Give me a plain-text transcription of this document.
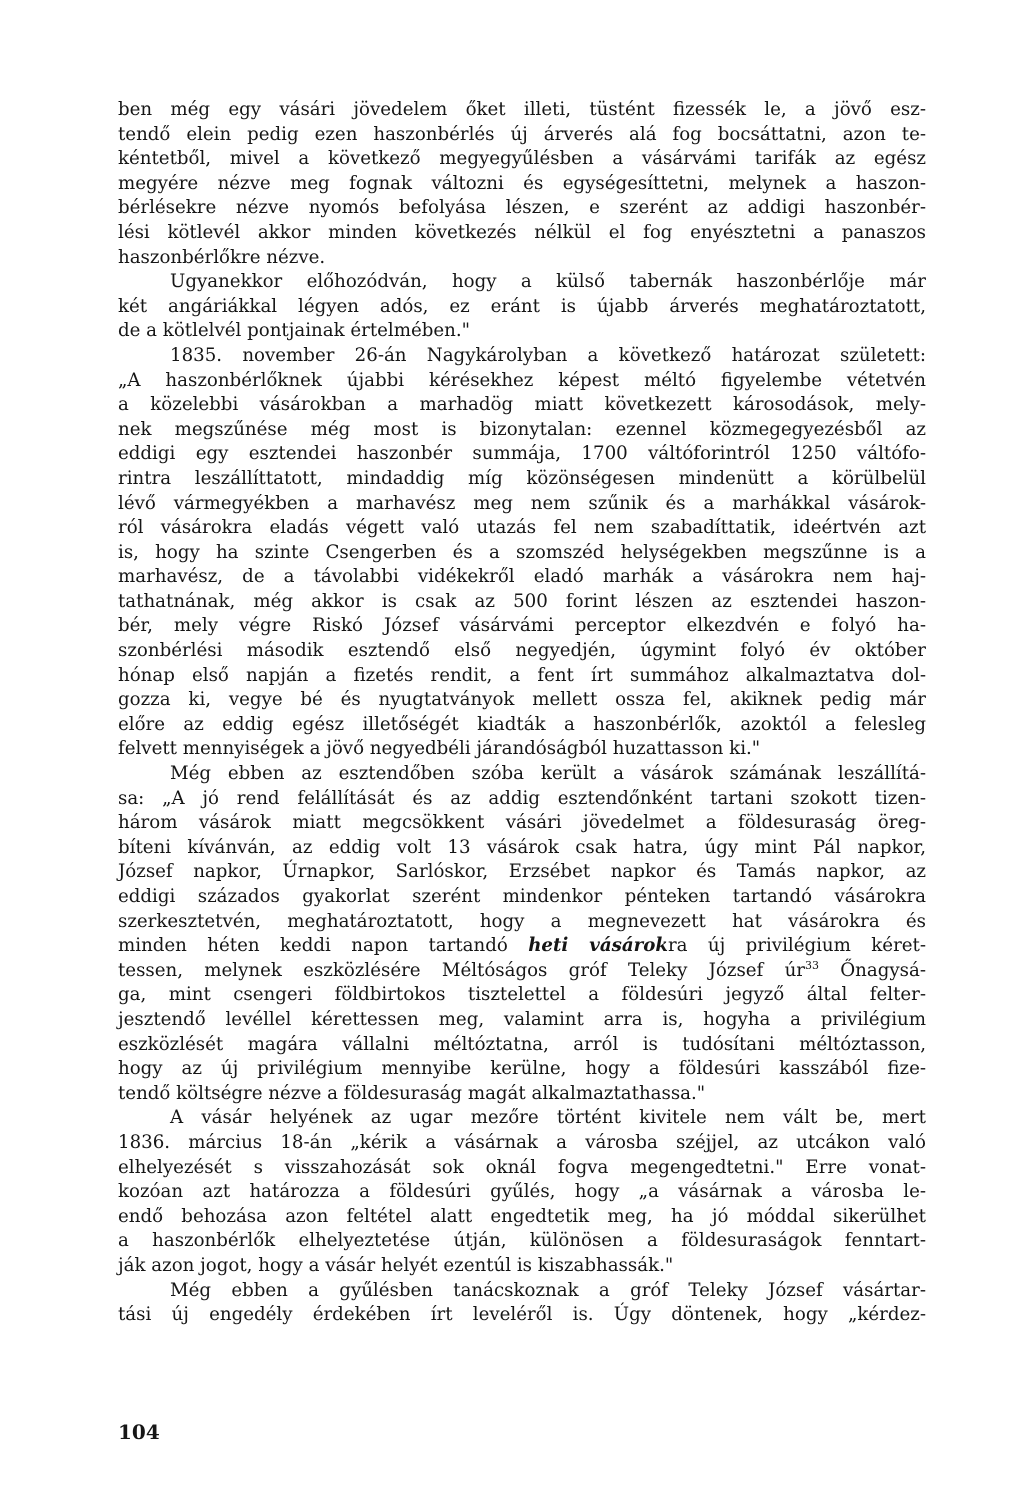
ben még egy vásári jövedelem őket illeti, tüstént fizessék le, a jövő esz-
tendő elein pedig ezen haszonbérlés új árverés alá fog bocsáttatni, azon te-
kéntetből, mivel a következő megyegyűlésben a vásárvámi tarifák az egész
megyére nézve meg fognak változni és egységesíttetni, melynek a haszon-
bérlésekre nézve nyomós befolyása lészen, e szerént az addigi haszonbér-
lési kötlevél akkor minden következés nélkül el fog enyésztetni a panaszos
haszonbérlőkre nézve.
Ugyanekkor előhozódván, hogy a külső tabernák haszonbérlője már
két angáriákkal légyen adós, ez eránt is újabb árverés meghatároztatott,
de a kötlelvél pontjainak értelmében."
1835. november 26-án Nagykárolyban a következő határozat született:
„A haszonbérlőknek újabbi kérésekhez képest méltó figyelembe vétetvén
a közelebbi vásárokban a marhadög miatt következett károsodások, mely-
nek megszűnése még most is bizonytalan: ezennel közmegegyezésből az
eddigi egy esztendei haszonbér summája, 1700 váltóforintról 1250 váltófo-
rintra leszállíttatott, mindaddig míg közönségesen mindenütt a körülbelül
lévő vármegyékben a marhavész meg nem szűnik és a marhákkal vásárok-
ról vásárokra eladás végett való utazás fel nem szabadíttatik, ideértvén azt
is, hogy ha szinte Csengerben és a szomszéd helységekben megszűnne is a
marhavész, de a távolabbi vidékekről eladó marhák a vásárokra nem haj-
tathatnának, még akkor is csak az 500 forint lészen az esztendei haszon-
bér, mely végre Riskó József vásárvámi perceptor elkezdvén e folyó ha-
szonbérlési második esztendő első negyedjén, úgymint folyó év október
hónap első napján a fizetés rendit, a fent írt summához alkalmaztatva dol-
gozza ki, vegye bé és nyugtatványok mellett ossza fel, akiknek pedig már
előre az eddig egész illetőségét kiadták a haszonbérlők, azoktól a felesleg
felvett mennyiségek a jövő negyedbéli járandóságból huzattasson ki."
Még ebben az esztendőben szóba került a vásárok számának leszállítá-
sa: „A jó rend felállítását és az addig esztendőnként tartani szokott tizen-
három vásárok miatt megcsökkent vásári jövedelmet a földesuraság öreg-
bíteni kívánván, az eddig volt 13 vásárok csak hatra, úgy mint Pál napkor,
József napkor, Úrnapkor, Sarlóskor, Erzsébet napkor és Tamás napkor, az
eddigi százados gyakorlat szerént mindenkor pénteken tartandó vásárokra
szerkesztetvén, meghatároztatott, hogy a megnevezett hat vásárokra és
minden héten keddi napon tartandó heti vásárokra új privilégium kéret-
tessen, melynek eszközlésére Méltóságos gróf Teleky József $úr^{33}$ Őnagysá-
ga, mint csengeri földbirtokos tisztelettel a földesúri jegyző által felter-
jesztendő levéllel kérettessen meg, valamint arra is, hogyha a privilégium
eszközlését magára vállalni méltóztatna, arról is tudósítani méltóztasson,
hogy az új privilégium mennyibe kerülne, hogy a földesúri kasszából fize-
tendő költségre nézve a földesuraság magát alkalmaztathassa."
A vásár helyének az ugar mezőre történt kivitele nem vált be, mert
1836. március 18-án „kérik a vásárnak a városba széjjel, az utcákon való
elhelyezését s visszahozását sok oknál fogva megengedtetni." Erre vonat-
kozóan azt határozza a földesúri gyűlés, hogy „a vásárnak a városba le-
endő behozása azon feltétel alatt engedtetik meg, ha jó móddal sikerülhet
a haszonbérlők elhelyeztetése útján, különösen a földesuraságok fenntart-
ják azon jogot, hogy a vásár helyét ezentúl is kiszabhassák."
Még ebben a gyűlésben tanácskoznak a gróf Teleky József vásártar-
tási új engedély érdekében írt leveléről is. Úgy döntenek, hogy „kérdez-
104
